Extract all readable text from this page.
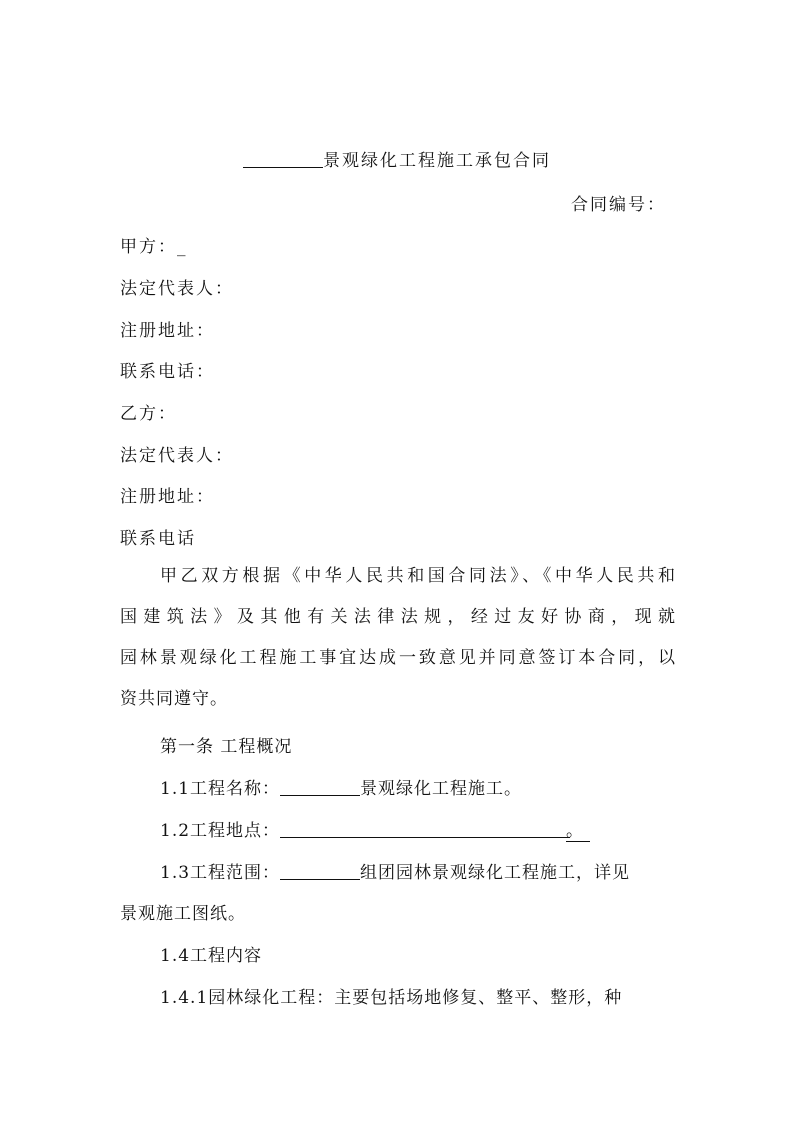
景观绿化工程施工承包合同
合同编号：
甲方：_
法定代表人：
注册地址：
联系电话：
乙方：
法定代表人：
注册地址：
联系电话
甲乙双方根据《中华人民共和国合同法》、《中华人民共和
国建筑法》及其他有关法律法规，经过友好协商，现就
园林景观绿化工程施工事宜达成一致意见并同意签订本合同，以
资共同遵守。
第一条 工程概况
1.1工程名称：	景观绿化工程施工。
1.2工程地点：	。
1.3工程范围：	组团园林景观绿化工程施工，详见
景观施工图纸。
1.4工程内容
1.4.1园林绿化工程：主要包括场地修复、整平、整形，种
